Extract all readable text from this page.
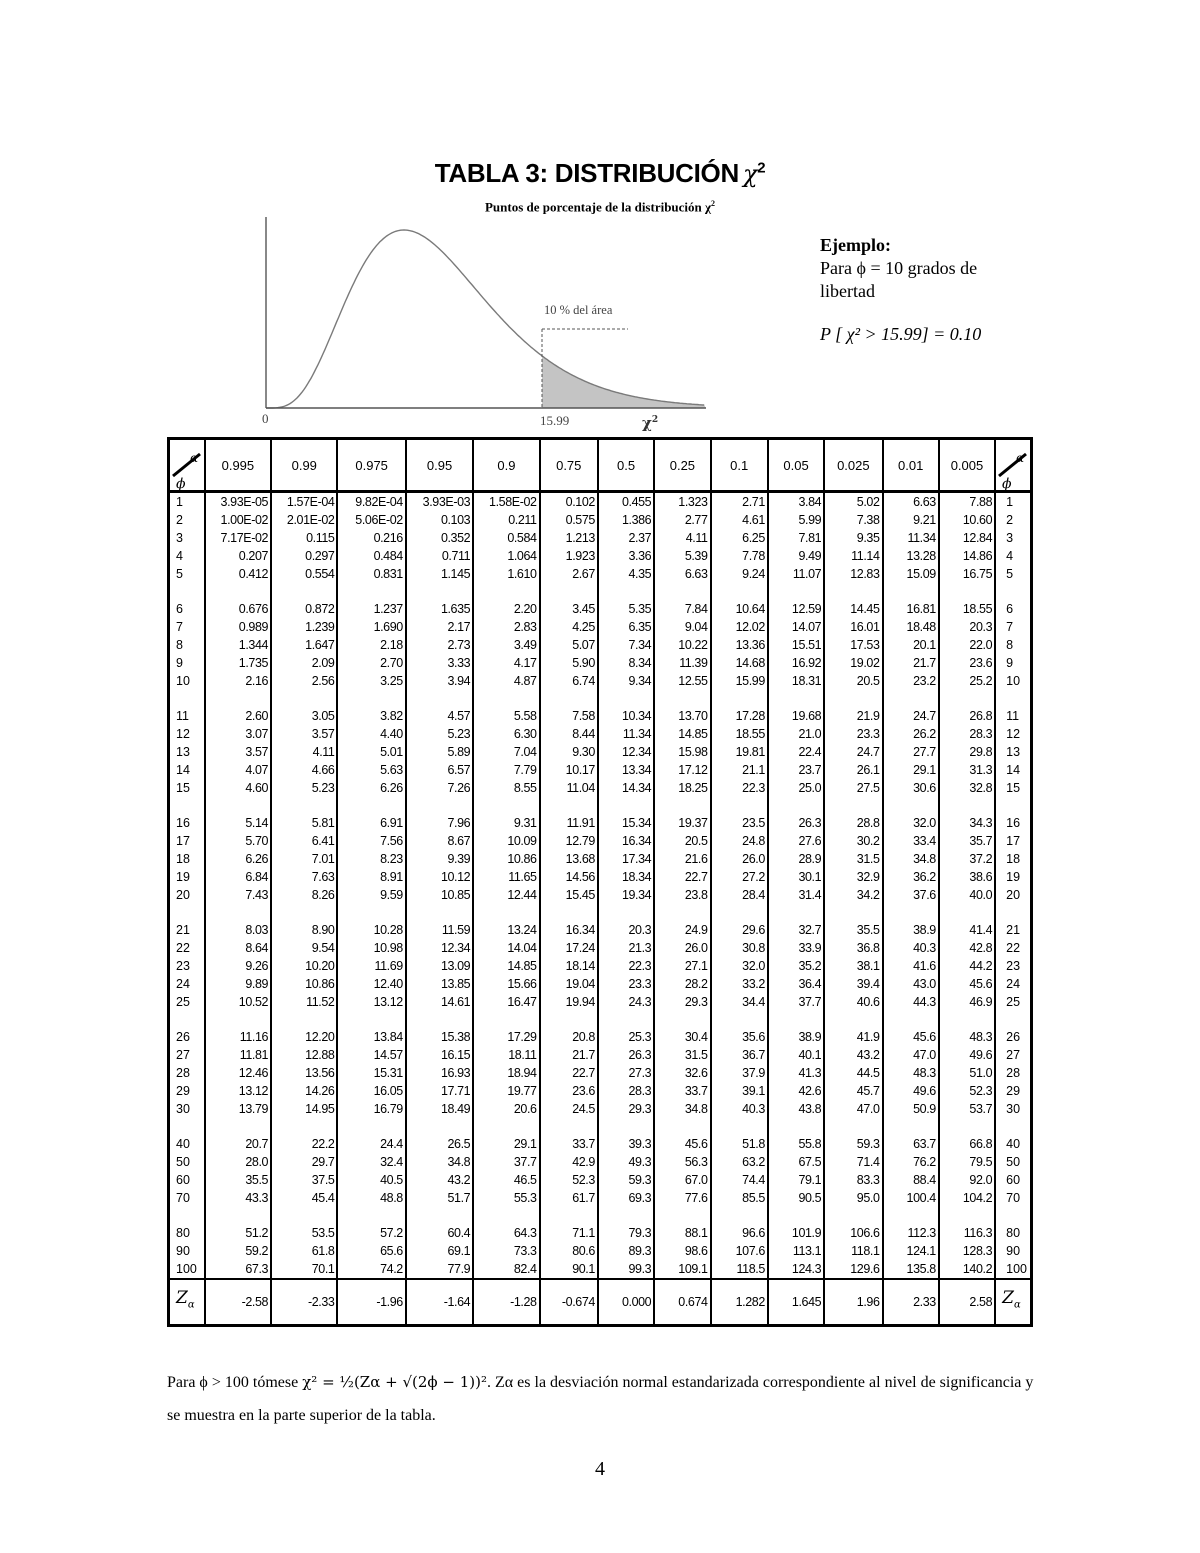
TABLA 3: DISTRIBUCIÓN $\chi^2$
Puntos de porcentaje de la distribución $\chi^2$
10 % del área
0	15.99	$\chi^2$
Ejemplo:
Para ϕ = 10 grados de libertad
P [ χ² > 15.99] = 0.10
α
ϕ	0.995	0.99	0.975	0.95	0.9	0.75	0.5	0.25	0.1	0.05	0.025	0.01	0.005	α
ϕ

1	3.93E-05	1.57E-04	9.82E-04	3.93E-03	1.58E-02	0.102	0.455	1.323	2.71	3.84	5.02	6.63	7.88	1
2	1.00E-02	2.01E-02	5.06E-02	0.103	0.211	0.575	1.386	2.77	4.61	5.99	7.38	9.21	10.60	2
3	7.17E-02	0.115	0.216	0.352	0.584	1.213	2.37	4.11	6.25	7.81	9.35	11.34	12.84	3
4	0.207	0.297	0.484	0.711	1.064	1.923	3.36	5.39	7.78	9.49	11.14	13.28	14.86	4
5	0.412	0.554	0.831	1.145	1.610	2.67	4.35	6.63	9.24	11.07	12.83	15.09	16.75	5

6	0.676	0.872	1.237	1.635	2.20	3.45	5.35	7.84	10.64	12.59	14.45	16.81	18.55	6
7	0.989	1.239	1.690	2.17	2.83	4.25	6.35	9.04	12.02	14.07	16.01	18.48	20.3	7
8	1.344	1.647	2.18	2.73	3.49	5.07	7.34	10.22	13.36	15.51	17.53	20.1	22.0	8
9	1.735	2.09	2.70	3.33	4.17	5.90	8.34	11.39	14.68	16.92	19.02	21.7	23.6	9
10	2.16	2.56	3.25	3.94	4.87	6.74	9.34	12.55	15.99	18.31	20.5	23.2	25.2	10

11	2.60	3.05	3.82	4.57	5.58	7.58	10.34	13.70	17.28	19.68	21.9	24.7	26.8	11
12	3.07	3.57	4.40	5.23	6.30	8.44	11.34	14.85	18.55	21.0	23.3	26.2	28.3	12
13	3.57	4.11	5.01	5.89	7.04	9.30	12.34	15.98	19.81	22.4	24.7	27.7	29.8	13
14	4.07	4.66	5.63	6.57	7.79	10.17	13.34	17.12	21.1	23.7	26.1	29.1	31.3	14
15	4.60	5.23	6.26	7.26	8.55	11.04	14.34	18.25	22.3	25.0	27.5	30.6	32.8	15

16	5.14	5.81	6.91	7.96	9.31	11.91	15.34	19.37	23.5	26.3	28.8	32.0	34.3	16
17	5.70	6.41	7.56	8.67	10.09	12.79	16.34	20.5	24.8	27.6	30.2	33.4	35.7	17
18	6.26	7.01	8.23	9.39	10.86	13.68	17.34	21.6	26.0	28.9	31.5	34.8	37.2	18
19	6.84	7.63	8.91	10.12	11.65	14.56	18.34	22.7	27.2	30.1	32.9	36.2	38.6	19
20	7.43	8.26	9.59	10.85	12.44	15.45	19.34	23.8	28.4	31.4	34.2	37.6	40.0	20

21	8.03	8.90	10.28	11.59	13.24	16.34	20.3	24.9	29.6	32.7	35.5	38.9	41.4	21
22	8.64	9.54	10.98	12.34	14.04	17.24	21.3	26.0	30.8	33.9	36.8	40.3	42.8	22
23	9.26	10.20	11.69	13.09	14.85	18.14	22.3	27.1	32.0	35.2	38.1	41.6	44.2	23
24	9.89	10.86	12.40	13.85	15.66	19.04	23.3	28.2	33.2	36.4	39.4	43.0	45.6	24
25	10.52	11.52	13.12	14.61	16.47	19.94	24.3	29.3	34.4	37.7	40.6	44.3	46.9	25

26	11.16	12.20	13.84	15.38	17.29	20.8	25.3	30.4	35.6	38.9	41.9	45.6	48.3	26
27	11.81	12.88	14.57	16.15	18.11	21.7	26.3	31.5	36.7	40.1	43.2	47.0	49.6	27
28	12.46	13.56	15.31	16.93	18.94	22.7	27.3	32.6	37.9	41.3	44.5	48.3	51.0	28
29	13.12	14.26	16.05	17.71	19.77	23.6	28.3	33.7	39.1	42.6	45.7	49.6	52.3	29
30	13.79	14.95	16.79	18.49	20.6	24.5	29.3	34.8	40.3	43.8	47.0	50.9	53.7	30

40	20.7	22.2	24.4	26.5	29.1	33.7	39.3	45.6	51.8	55.8	59.3	63.7	66.8	40
50	28.0	29.7	32.4	34.8	37.7	42.9	49.3	56.3	63.2	67.5	71.4	76.2	79.5	50
60	35.5	37.5	40.5	43.2	46.5	52.3	59.3	67.0	74.4	79.1	83.3	88.4	92.0	60
70	43.3	45.4	48.8	51.7	55.3	61.7	69.3	77.6	85.5	90.5	95.0	100.4	104.2	70

80	51.2	53.5	57.2	60.4	64.3	71.1	79.3	88.1	96.6	101.9	106.6	112.3	116.3	80
90	59.2	61.8	65.6	69.1	73.3	80.6	89.3	98.6	107.6	113.1	118.1	124.1	128.3	90
100	67.3	70.1	74.2	77.9	82.4	90.1	99.3	109.1	118.5	124.3	129.6	135.8	140.2	100
$Z_\alpha$	-2.58	-2.33	-1.96	-1.64	-1.28	-0.674	0.000	0.674	1.282	1.645	1.96	2.33	2.58	$Z_\alpha$
Para ϕ > 100 tómese χ² = ½(Zα + √(2ϕ − 1))². Zα es la desviación normal estandarizada correspondiente al nivel de significancia y se muestra en la parte superior de la tabla.
4
